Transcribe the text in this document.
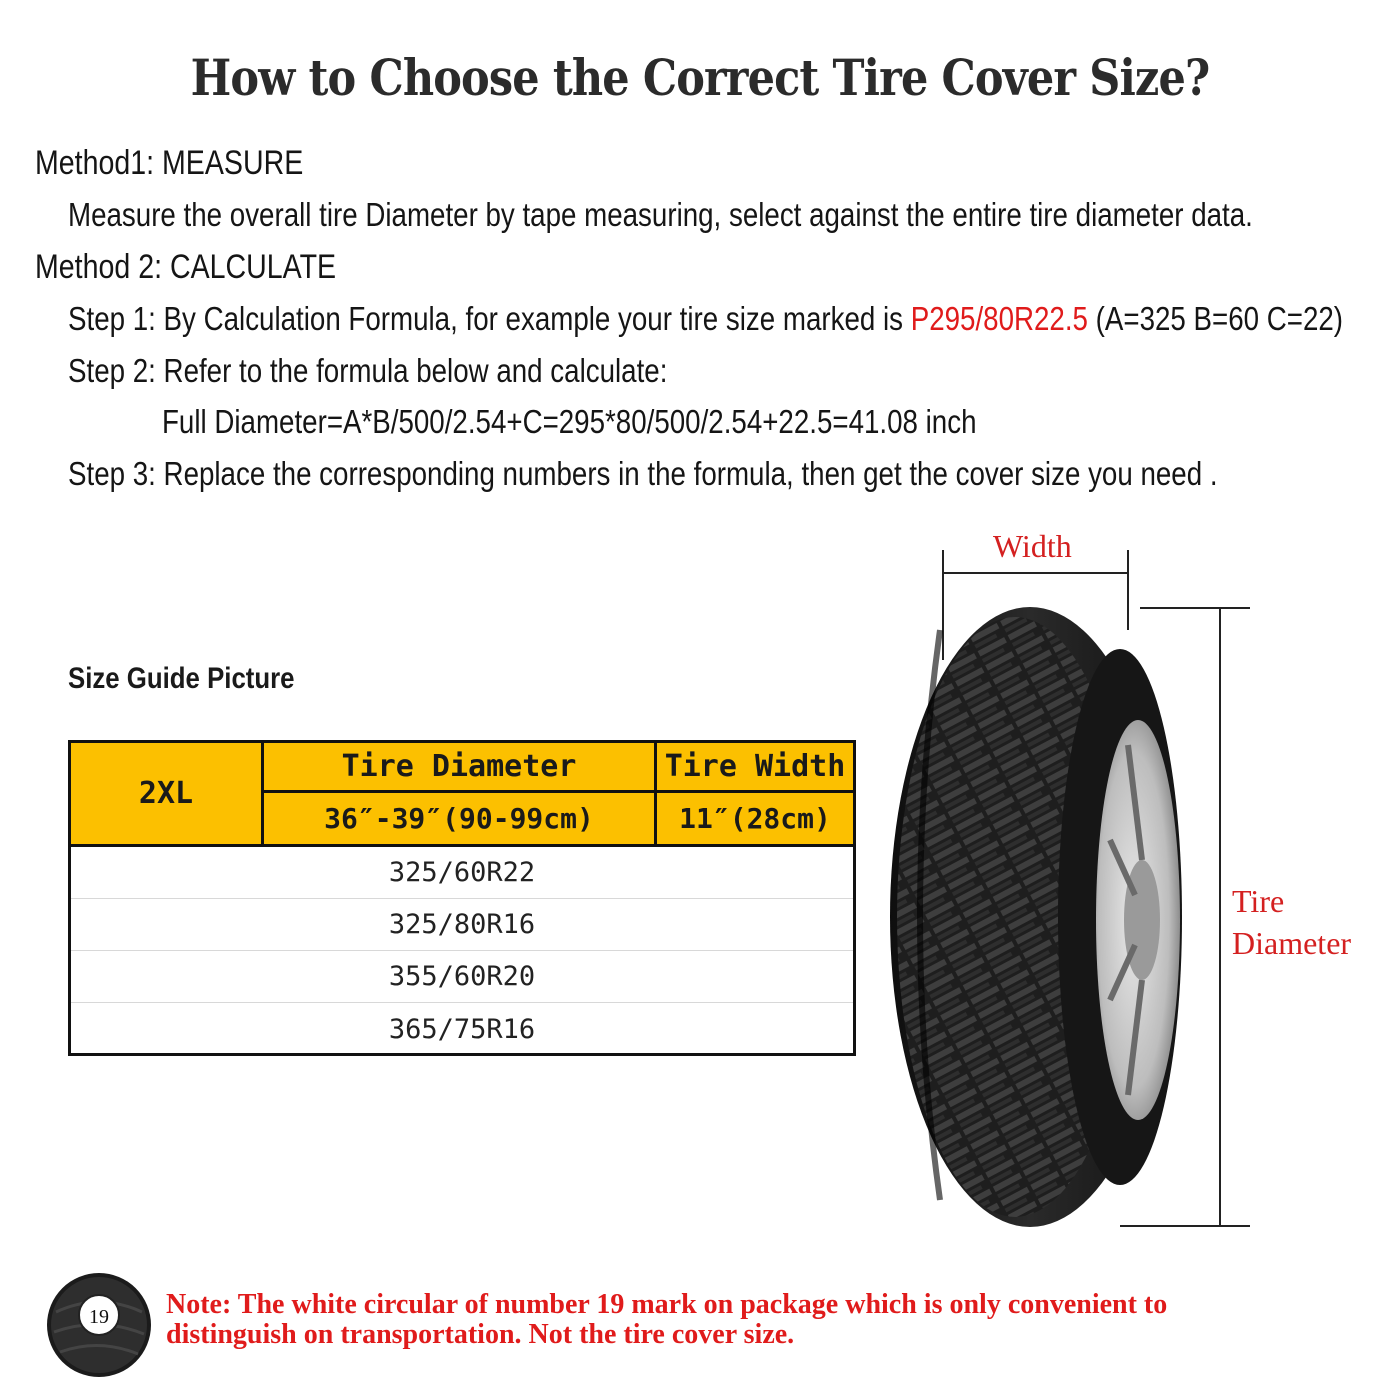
How to Choose the Correct Tire Cover Size?
Method1: MEASURE
Measure the overall tire Diameter by tape measuring, select against the entire tire diameter data.
Method 2: CALCULATE
Step 1: By Calculation Formula, for example your tire size marked is P295/80R22.5 (A=325 B=60 C=22)
Step 2: Refer to the formula below and calculate:
Full Diameter=A*B/500/2.54+C=295*80/500/2.54+22.5=41.08 inch
Step 3: Replace the corresponding numbers in the formula, then get the cover size you need .
Size Guide Picture
2XL
Tire Diameter	Tire Width
36″-39″(90-99cm)	11″(28cm)
325/60R22
325/80R16
355/60R20
365/75R16
Width
Tire
Diameter
19 Note: The white circular of number 19 mark on package which is only convenient to
distinguish on transportation. Not the tire cover size.
